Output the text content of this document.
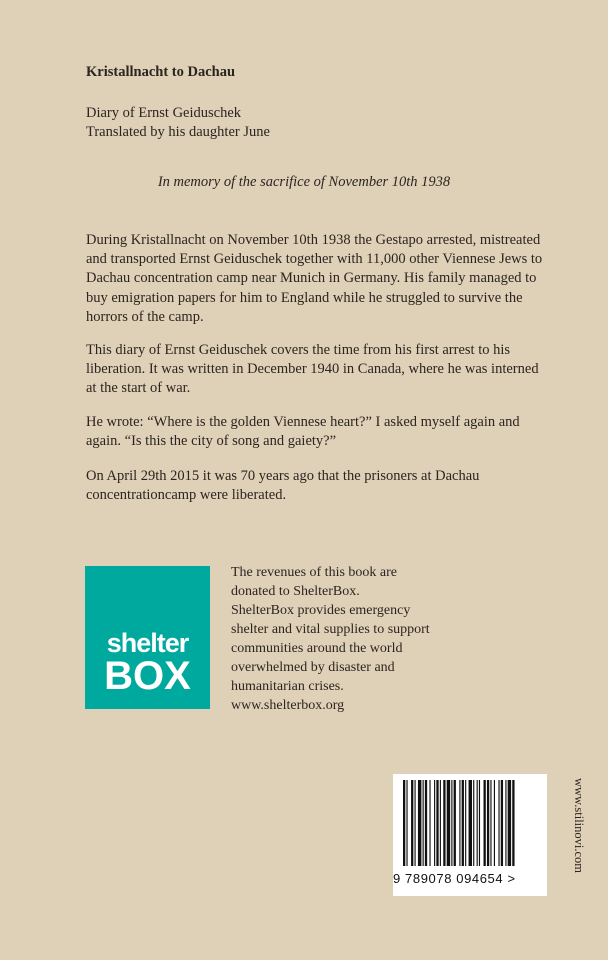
Kristallnacht to Dachau
Diary of Ernst Geiduschek
Translated by his daughter June
In memory of the sacrifice of November 10th 1938

During Kristallnacht on November 10th 1938 the Gestapo arrested, mistreated and transported Ernst Geiduschek together with 11,000 other Viennese Jews to Dachau concentration camp near Munich in Germany. His family managed to buy emigration papers for him to England while he struggled to survive the horrors of the camp.

This diary of Ernst Geiduschek covers the time from his first arrest to his liberation. It was written in December 1940 in Canada, where he was interned at the start of war.

He wrote: “Where is the golden Viennese heart?” I asked myself again and again. “Is this the city of song and gaiety?”

On April 29th 2015 it was 70 years ago that the prisoners at Dachau concentrationcamp were liberated.

shelter
BOX
The revenues of this book are
donated to ShelterBox.
ShelterBox provides emergency
shelter and vital supplies to support
communities around the world
overwhelmed by disaster and
humanitarian crises.
www.shelterbox.org
9 789078 094654 >
www.stilinovi.com
